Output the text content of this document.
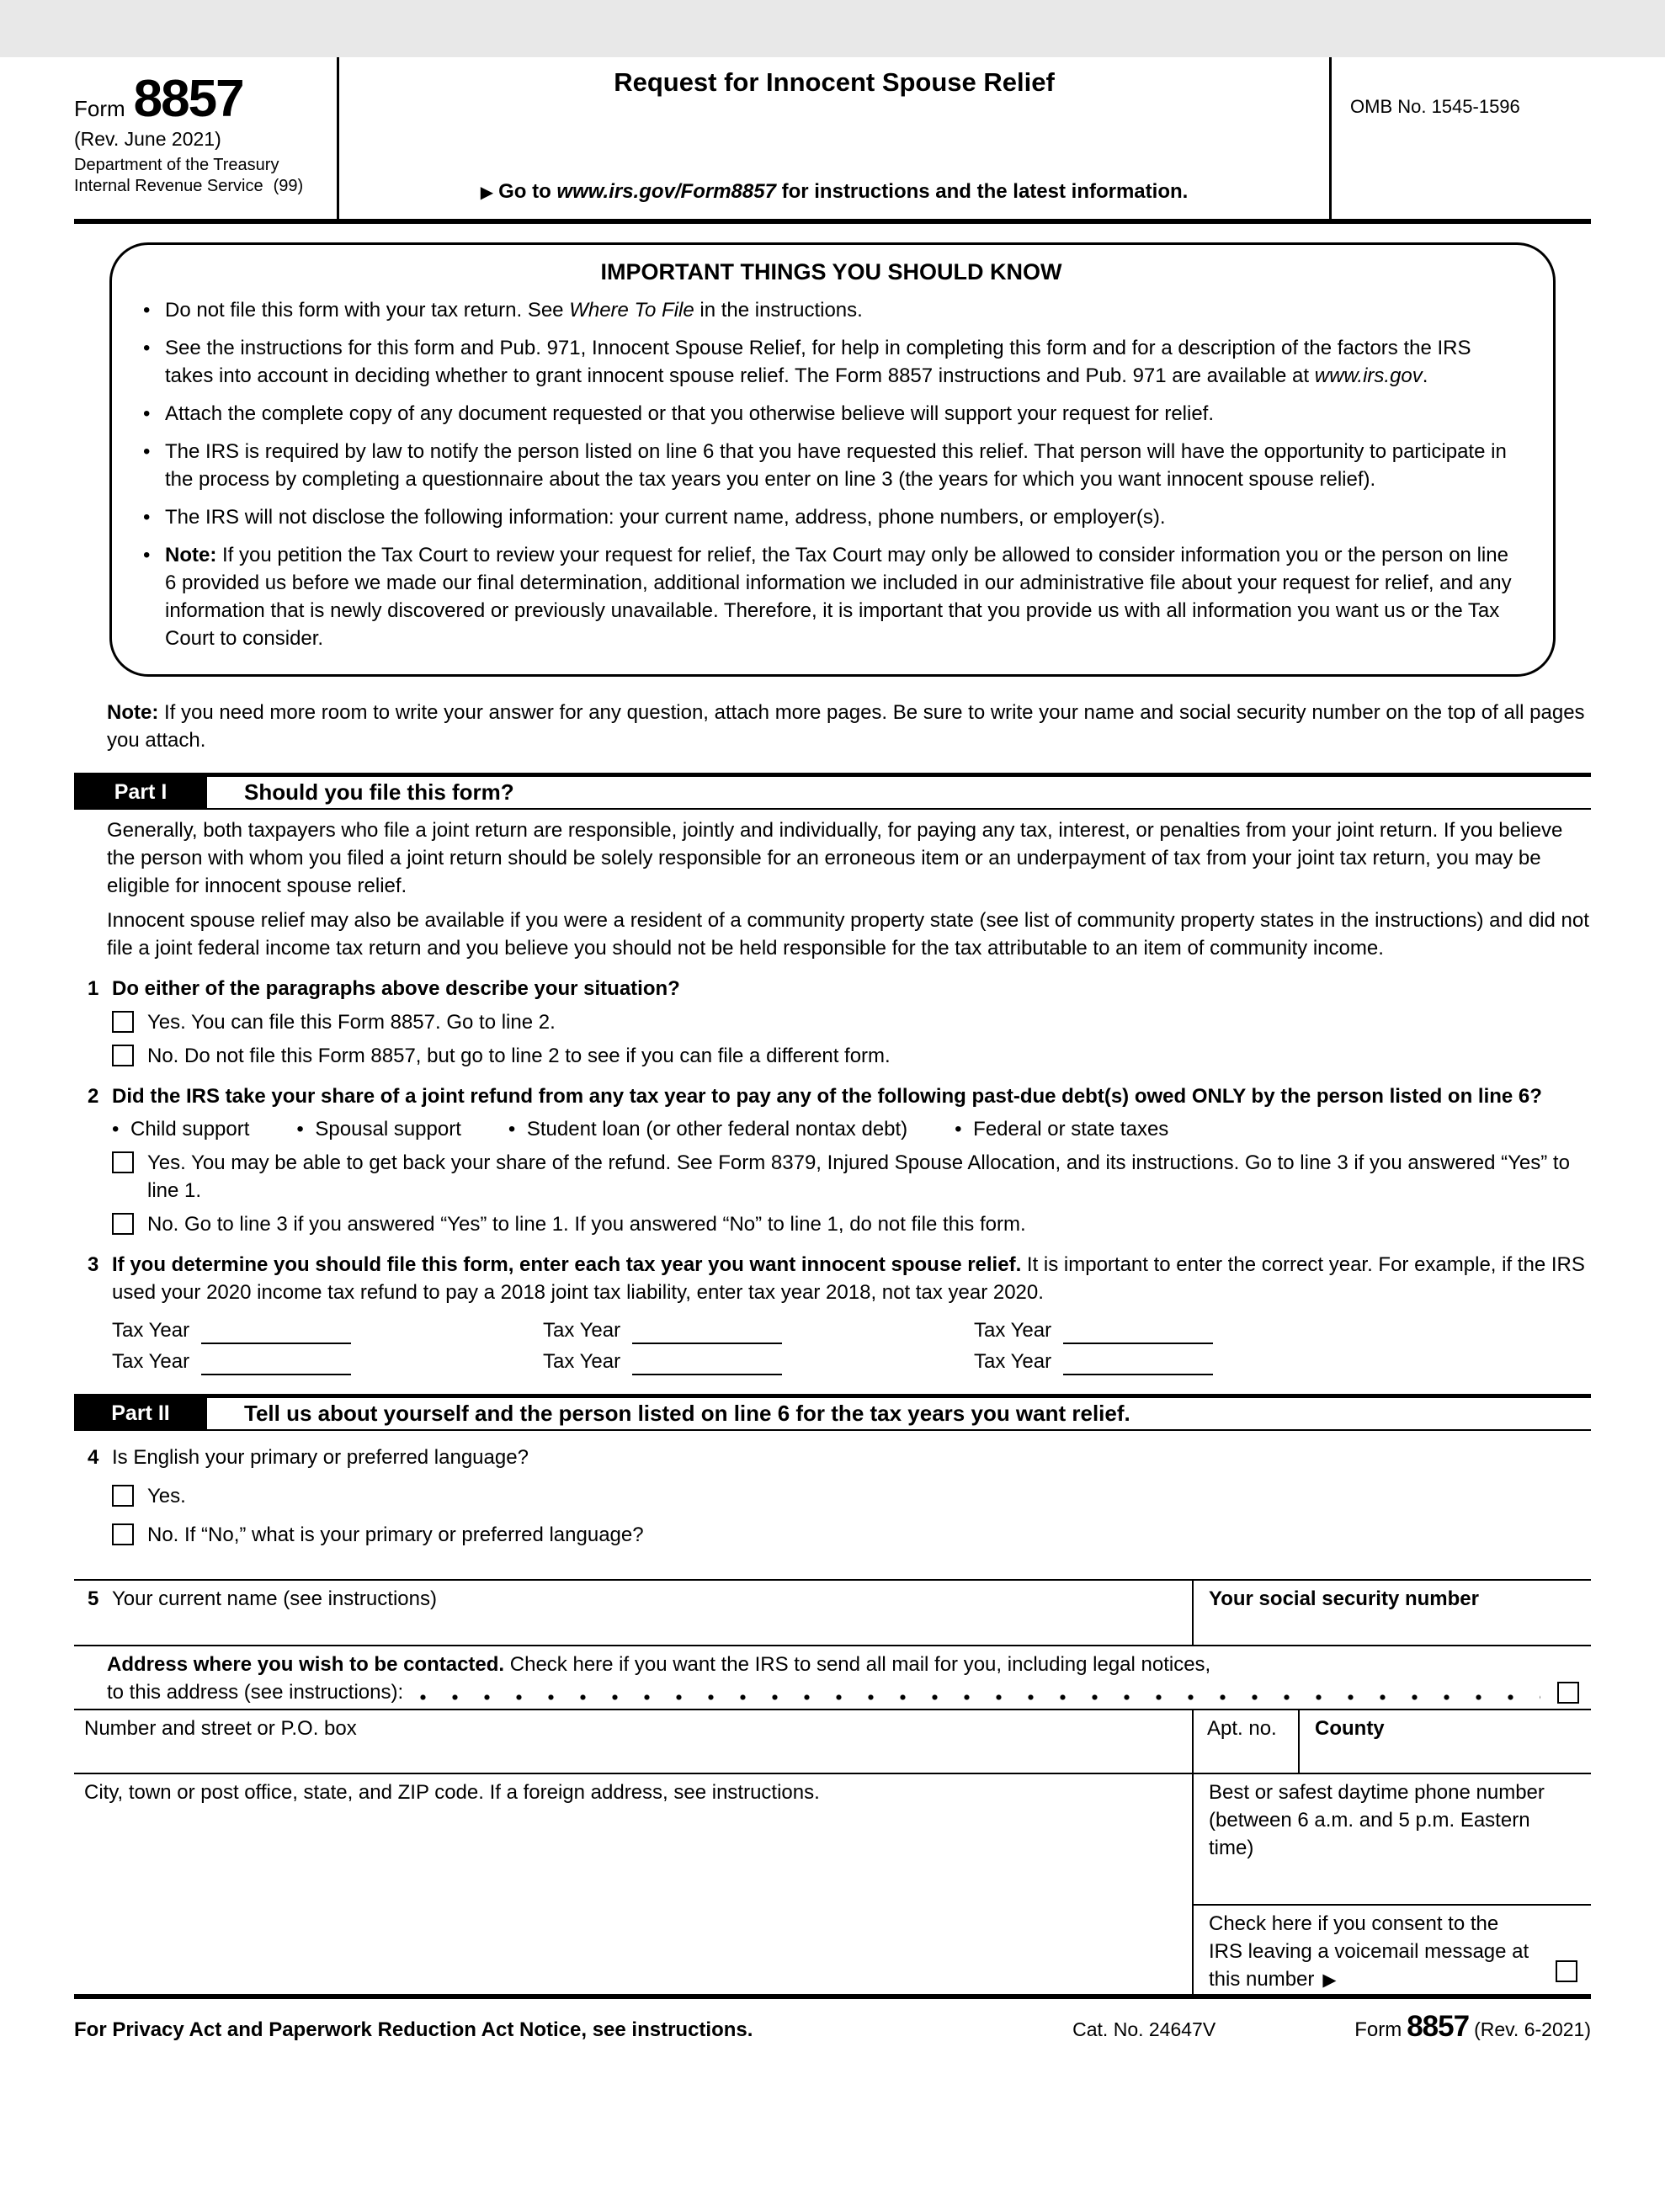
Form 8857
(Rev. June 2021)
Department of the Treasury
Internal Revenue Service (99)
Request for Innocent Spouse Relief
▶ Go to www.irs.gov/Form8857 for instructions and the latest information.
OMB No. 1545-1596
IMPORTANT THINGS YOU SHOULD KNOW
• Do not file this form with your tax return. See Where To File in the instructions.
• See the instructions for this form and Pub. 971, Innocent Spouse Relief, for help in completing this form and for a description of the factors the IRS takes into account in deciding whether to grant innocent spouse relief. The Form 8857 instructions and Pub. 971 are available at www.irs.gov.
• Attach the complete copy of any document requested or that you otherwise believe will support your request for relief.
• The IRS is required by law to notify the person listed on line 6 that you have requested this relief. That person will have the opportunity to participate in the process by completing a questionnaire about the tax years you enter on line 3 (the years for which you want innocent spouse relief).
• The IRS will not disclose the following information: your current name, address, phone numbers, or employer(s).
• Note: If you petition the Tax Court to review your request for relief, the Tax Court may only be allowed to consider information you or the person on line 6 provided us before we made our final determination, additional information we included in our administrative file about your request for relief, and any information that is newly discovered or previously unavailable. Therefore, it is important that you provide us with all information you want us or the Tax Court to consider.

Note: If you need more room to write your answer for any question, attach more pages. Be sure to write your name and social security number on the top of all pages you attach.

Part I	Should you file this form?

Generally, both taxpayers who file a joint return are responsible, jointly and individually, for paying any tax, interest, or penalties from your joint return. If you believe the person with whom you filed a joint return should be solely responsible for an erroneous item or an underpayment of tax from your joint tax return, you may be eligible for innocent spouse relief.

Innocent spouse relief may also be available if you were a resident of a community property state (see list of community property states in the instructions) and did not file a joint federal income tax return and you believe you should not be held responsible for the tax attributable to an item of community income.

1 Do either of the paragraphs above describe your situation?
Yes. You can file this Form 8857. Go to line 2.
No. Do not file this Form 8857, but go to line 2 to see if you can file a different form.
2 Did the IRS take your share of a joint refund from any tax year to pay any of the following past-due debt(s) owed ONLY by the person listed on line 6?
• Child support • Spousal support • Student loan (or other federal nontax debt) • Federal or state taxes
Yes. You may be able to get back your share of the refund. See Form 8379, Injured Spouse Allocation, and its instructions. Go to line 3 if you answered “Yes” to line 1.
No. Go to line 3 if you answered “Yes” to line 1. If you answered “No” to line 1, do not file this form.
3 If you determine you should file this form, enter each tax year you want innocent spouse relief. It is important to enter the correct year. For example, if the IRS used your 2020 income tax refund to pay a 2018 joint tax liability, enter tax year 2018, not tax year 2020.
Tax Year	Tax Year	Tax Year
Tax Year	Tax Year	Tax Year
Part II	Tell us about yourself and the person listed on line 6 for the tax years you want relief.
4 Is English your primary or preferred language?
Yes.
No. If “No,” what is your primary or preferred language?
5 Your current name (see instructions)	Your social security number
Address where you wish to be contacted. Check here if you want the IRS to send all mail for you, including legal notices,
to this address (see instructions):
Number and street or P.O. box	Apt. no.	County
City, town or post office, state, and ZIP code. If a foreign address, see instructions.	Best or safest daytime phone number (between 6 a.m. and 5 p.m. Eastern time)
Check here if you consent to the IRS leaving a voicemail message at this number ▶
For Privacy Act and Paperwork Reduction Act Notice, see instructions.	Cat. No. 24647V	Form 8857 (Rev. 6-2021)
